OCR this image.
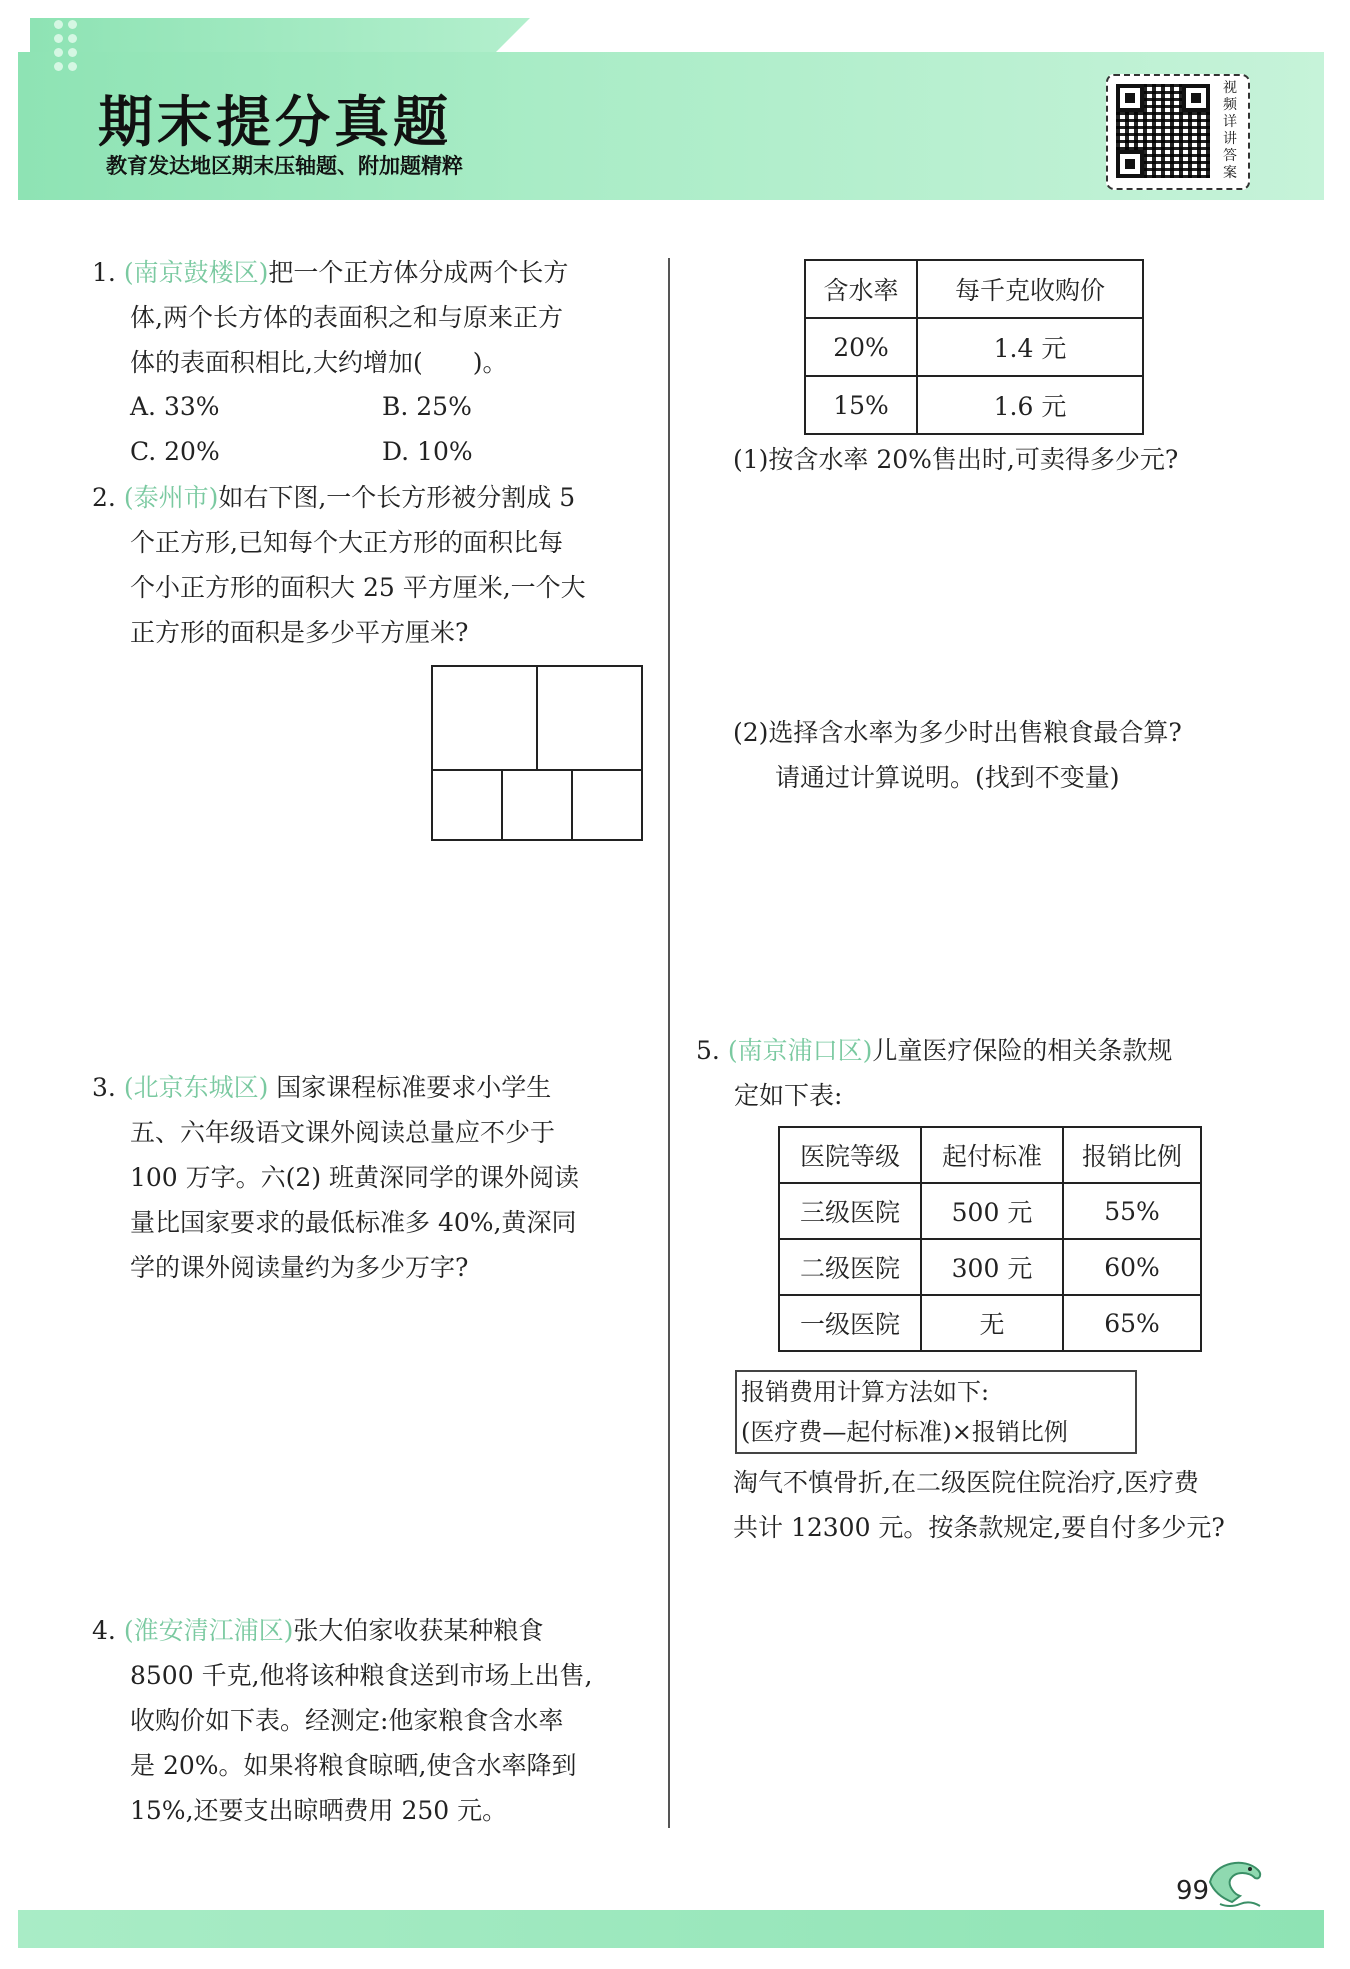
期末提分真题
教育发达地区期末压轴题、附加题精粹
视频详讲答案
1. (南京鼓楼区)把一个正方体分成两个长方
体,两个长方体的表面积之和与原来正方
体的表面积相比,大约增加(　　)。
A. 33%	B. 25%
C. 20%	D. 10%
2. (泰州市)如右下图,一个长方形被分割成 5
个正方形,已知每个大正方形的面积比每
个小正方形的面积大 25 平方厘米,一个大
正方形的面积是多少平方厘米?
3. (北京东城区) 国家课程标准要求小学生
五、六年级语文课外阅读总量应不少于
100 万字。六(2) 班黄深同学的课外阅读
量比国家要求的最低标准多 40%,黄深同
学的课外阅读量约为多少万字?
4. (淮安清江浦区)张大伯家收获某种粮食
8500 千克,他将该种粮食送到市场上出售,
收购价如下表。经测定:他家粮食含水率
是 20%。如果将粮食晾晒,使含水率降到
15%,还要支出晾晒费用 250 元。
含水率	每千克收购价
20%	1.4 元
15%	1.6 元
(1)按含水率 20%售出时,可卖得多少元?
(2)选择含水率为多少时出售粮食最合算?
请通过计算说明。(找到不变量)
5. (南京浦口区)儿童医疗保险的相关条款规
定如下表:
医院等级	起付标准	报销比例
三级医院	500 元	55%
二级医院	300 元	60%
一级医院	无	65%
报销费用计算方法如下:
(医疗费—起付标准)×报销比例
淘气不慎骨折,在二级医院住院治疗,医疗费
共计 12300 元。按条款规定,要自付多少元?
99
